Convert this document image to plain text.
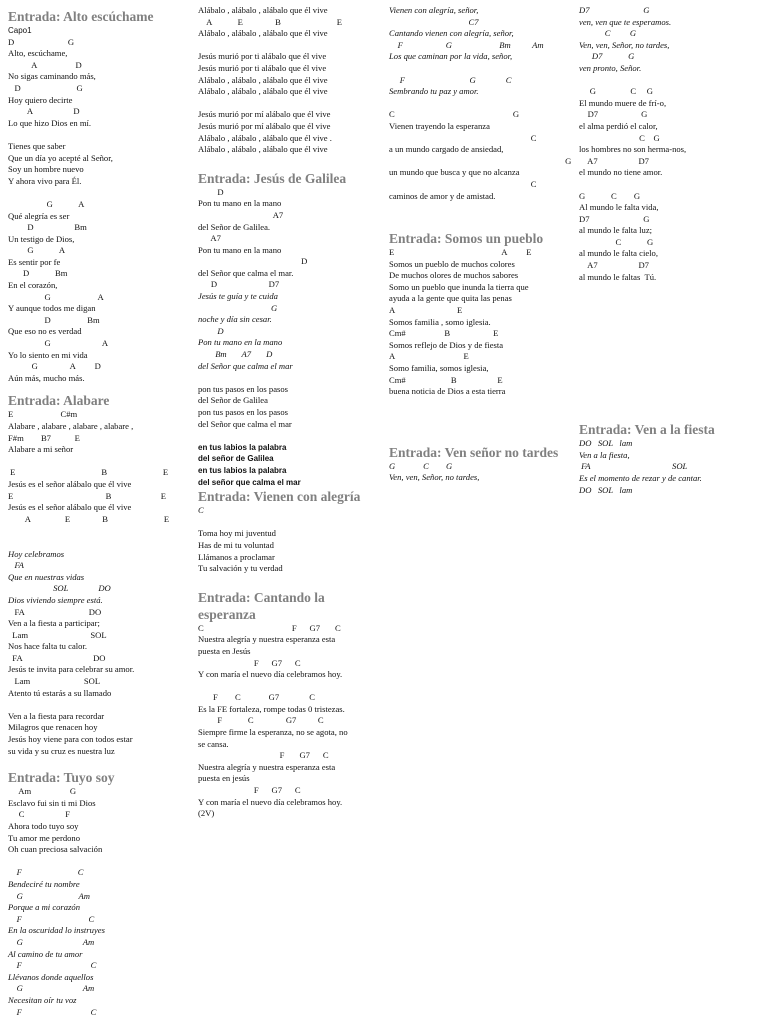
Entrada: Alto escúchame
Capo1
D                         G
Alto, escúchame,
A                  D
No sigas caminando más,
D                          G
Hoy quiero decirte
A                   D
Lo que hizo Dios en mí.
Tienes que saber
Que un día yo acepté al Señor,
Soy un hombre nuevo
Y ahora vivo para Él.
G            A
Qué alegría es ser
D                   Bm
Un testigo de Dios,
G            A
Es sentir por fe
D            Bm
En el corazón,
G                      A
Y aunque todos me digan
D                 Bm
Que eso no es verdad
G                        A
Yo lo siento en mi vida
G               A         D
Aún más, mucho más.
Entrada: Alabare
E                      C#m
Alabare , alabare , alabare , alabare ,
F#m        B7           E
Alabare a mi señor
E                                        B                          E
Jesús es el señor alábalo que él vive
E                                           B                       E
Jesús es el señor alábalo que él vive
A                E               B                          E
Hoy celebramos
FA
Que en nuestras vidas
SOL              DO
Dios viviendo siempre está.
FA                              DO
Ven a la fiesta a participar;
Lam                             SOL
Nos hace falta tu calor.
FA                                 DO
Jesús te invita para celebrar su amor.
Lam                         SOL
Atento tú estarás a su llamado
Ven a la fiesta para recordar
Milagros que renacen hoy
Jesús hoy viene para con todos estar
su vida y su cruz es nuestra luz
Entrada: Tuyo soy
Am                  G
Esclavo fui sin ti mi Dios
C                   F
Ahora todo tuyo soy
Tu amor me perdono
Oh cuan preciosa salvación
F                          C
Bendeciré tu nombre
G                          Am
Porque a mi corazón
F                               C
En la oscuridad lo instruyes
G                            Am
Al camino de tu amor
F                                C
Llévanos donde aquellos
G                            Am
Necesitan oír tu voz
F                                C
Alábalo , alábalo , alábalo que él vive
A            E               B                          E
Alábalo , alábalo , alábalo que él vive
Jesús murió por ti alábalo que él vive
Jesús murió por ti alábalo que él vive
Alábalo , alábalo , alábalo que él vive
Alábalo , alábalo , alábalo que él vive
Jesús murió por mí alábalo que él vive
Jesús murió por mí alábalo que él vive
Alábalo , alábalo , alábalo que él vive .
Alábalo , alábalo , alábalo que él vive
Entrada: Jesús de Galilea
D
Pon tu mano en la mano
A7
del Señor de Galilea.
A7
Pon tu mano en la mano
D
del Señor que calma el mar.
D                        D7
Jesús te guía y te cuida
G
noche y día sin cesar.
D
Pon tu mano en la mano
Bm       A7       D
del Señor que calma el mar
pon tus pasos en los pasos
del Señor de Galilea
pon tus pasos en los pasos
del Señor que calma el mar
en tus labios la palabra
del señor de Galilea
en tus labios la palabra
del señor que calma el mar
Entrada: Vienen con alegría
C
Toma hoy mi juventud
Has de mi tu voluntad
Llámanos a proclamar
Tu salvación y tu verdad
Entrada: Cantando la esperanza
C                                         F      G7       C
Nuestra alegría y nuestra esperanza esta
puesta en Jesús
F      G7      C
Y con maría el nuevo día celebramos hoy.
F        C             G7              C
Es la FE fortaleza, rompe todas 0 tristezas.
F            C               G7          C
Siempre firme la esperanza, no se agota, no
se cansa.
F       G7      C
Nuestra alegría y nuestra esperanza esta
puesta en jesús
F      G7      C
Y con maría el nuevo día celebramos hoy.
(2V)
Vienen con alegría, señor,
C7
Cantando vienen con alegría, señor,
F                    G                      Bm          Am
Los que caminan por la vida, señor,
F                              G              C
Sembrando tu paz y amor.
C                                                       G
Vienen trayendo la esperanza
C
a un mundo cargado de ansiedad,
G
un mundo que busca y que no alcanza
C
caminos de amor y de amistad.
Entrada: Somos un pueblo
E                                                  A         E
Somos un pueblo de muchos colores
De muchos olores de muchos sabores
Somo un pueblo que inunda la tierra que
ayuda a la gente que quita las penas
A                             E
Somos familia , somo iglesia.
Cm#                  B                    E
Somos reflejo de Dios y de fiesta
A                                E
Somo familia, somos iglesia,
Cm#                     B                   E
buena noticia de Dios a esta tierra
Entrada: Ven señor no tardes
G             C        G
Ven, ven, Señor, no tardes,
D7                         G
ven, ven que te esperamos.
C         G
Ven, ven, Señor, no tardes,
D7            G
ven pronto, Señor.
G                C     G
El mundo muere de frí-o,
D7                    G
el alma perdió el calor,
C    G
los hombres no son herma-nos,
A7                   D7
el mundo no tiene amor.
G            C        G
Al mundo le falta vida,
D7                         G
al mundo le falta luz;
C            G
al mundo le falta cielo,
A7                   D7
al mundo le faltas  Tú.
Entrada: Ven a la fiesta
DO   SOL   lam
Ven a la fiesta,
FA                                      SOL
Es el momento de rezar y de cantar.
DO   SOL   lam
